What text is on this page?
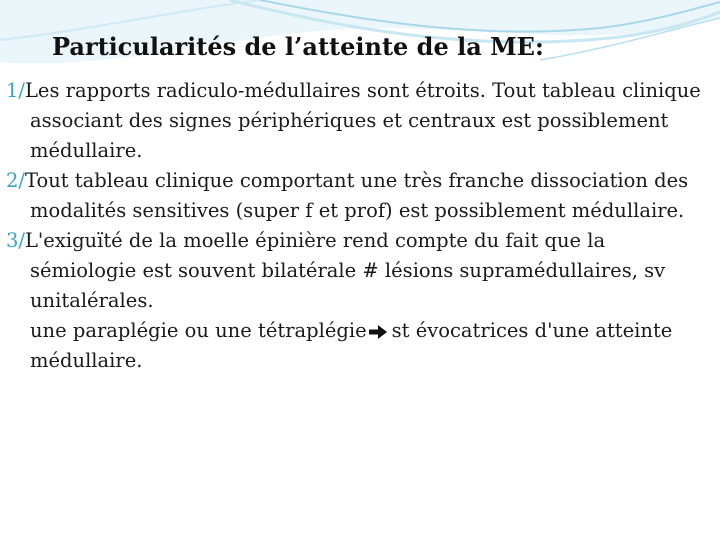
Particularités de l’atteinte de la ME:

1/Les rapports radiculo-médullaires sont étroits. Tout tableau clinique associant des signes périphériques et centraux est possiblement médullaire.

2/Tout tableau clinique comportant une très franche dissociation des modalités sensitives (super f et prof) est possiblement médullaire.

3/L'exiguïté de la moelle épinière rend compte du fait que la sémiologie est souvent bilatérale # lésions supramédullaires, sv unitalérales.

une paraplégie ou une tétraplégie st évocatrices d'une atteinte médullaire.
